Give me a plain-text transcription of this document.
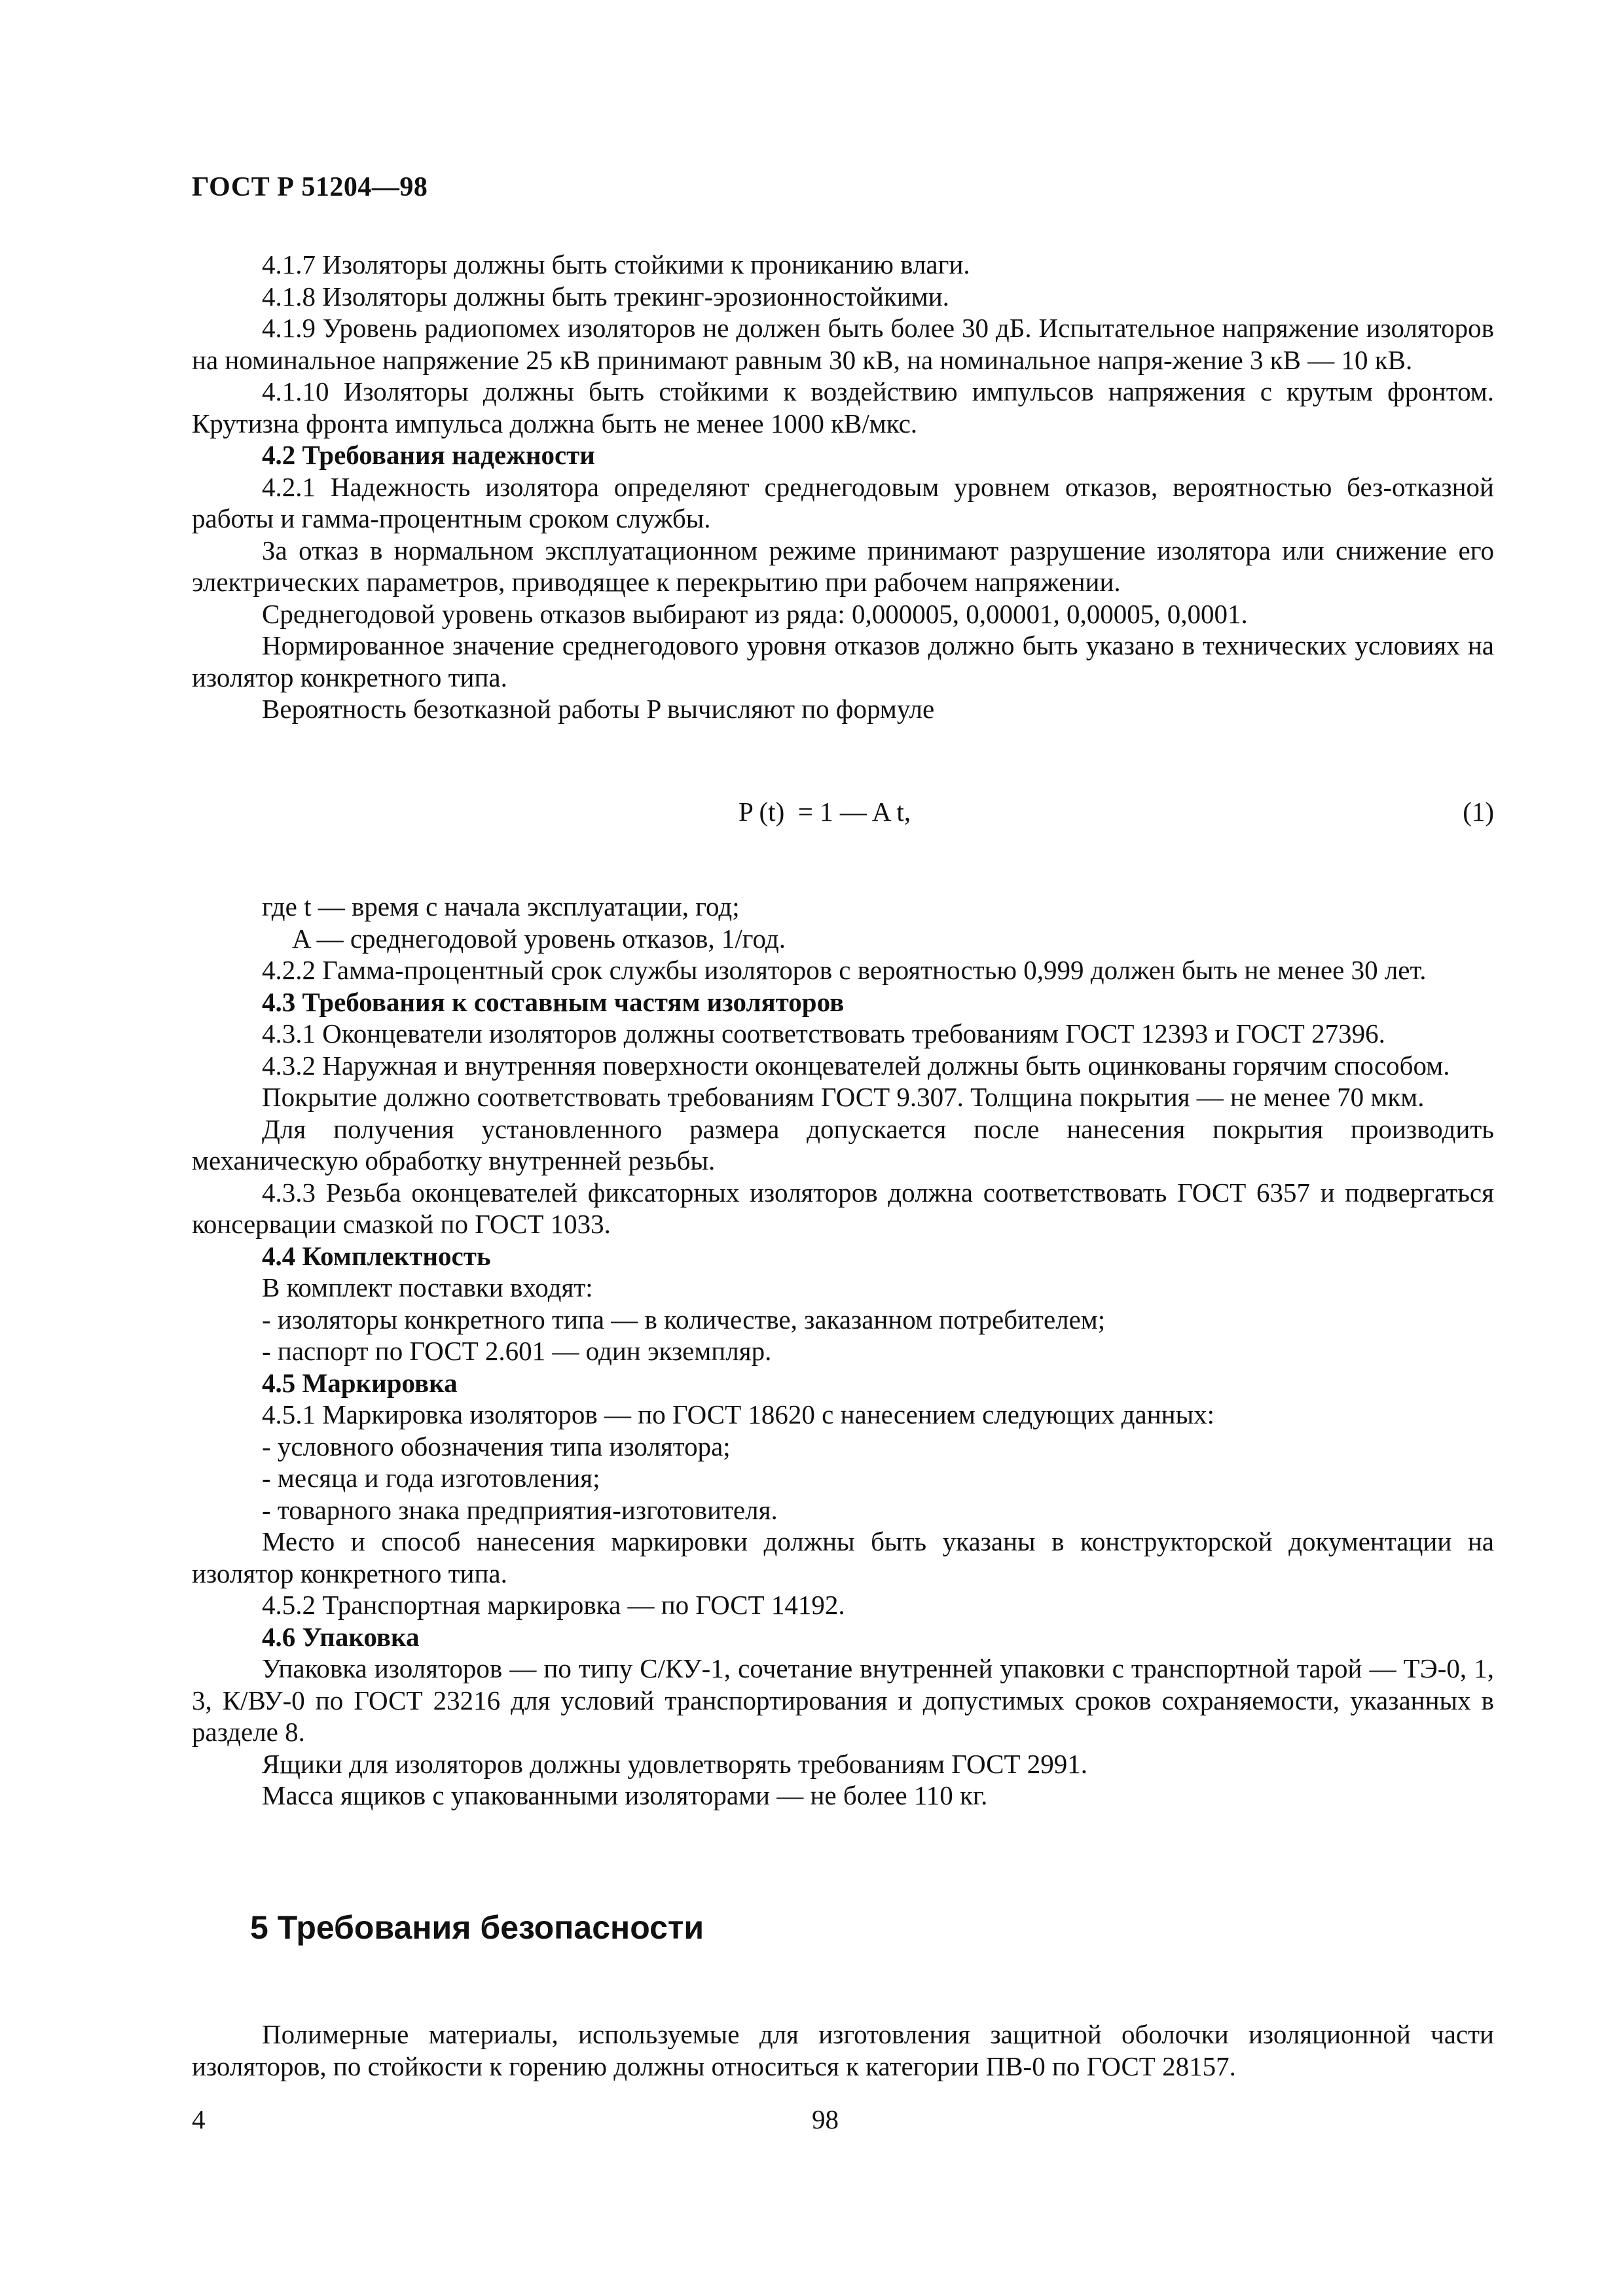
ГОСТ Р 51204—98

4.1.7 Изоляторы должны быть стойкими к прониканию влаги.

4.1.8 Изоляторы должны быть трекинг-эрозионностойкими.

4.1.9 Уровень радиопомех изоляторов не должен быть более 30 дБ. Испытательное напряжение изоляторов на номинальное напряжение 25 кВ принимают равным 30 кВ, на номинальное напря-жение 3 кВ — 10 кВ.

4.1.10 Изоляторы должны быть стойкими к воздействию импульсов напряжения с крутым фронтом. Крутизна фронта импульса должна быть не менее 1000 кВ/мкс.

4.2 Требования надежности

4.2.1 Надежность изолятора определяют среднегодовым уровнем отказов, вероятностью без-отказной работы и гамма-процентным сроком службы.

За отказ в нормальном эксплуатационном режиме принимают разрушение изолятора или снижение его электрических параметров, приводящее к перекрытию при рабочем напряжении.

Среднегодовой уровень отказов выбирают из ряда: 0,000005, 0,00001, 0,00005, 0,0001.

Нормированное значение среднегодового уровня отказов должно быть указано в технических условиях на изолятор конкретного типа.

Вероятность безотказной работы P вычисляют по формуле

P (t)  = 1 — A t,	(1)

где t — время с начала эксплуатации, год;

A — среднегодовой уровень отказов, 1/год.

4.2.2 Гамма-процентный срок службы изоляторов с вероятностью 0,999 должен быть не менее 30 лет.

4.3 Требования к составным частям изоляторов

4.3.1 Оконцеватели изоляторов должны соответствовать требованиям ГОСТ 12393 и ГОСТ 27396.

4.3.2 Наружная и внутренняя поверхности оконцевателей должны быть оцинкованы горячим способом.

Покрытие должно соответствовать требованиям ГОСТ 9.307. Толщина покрытия — не менее 70 мкм.

Для получения установленного размера допускается после нанесения покрытия производить механическую обработку внутренней резьбы.

4.3.3 Резьба оконцевателей фиксаторных изоляторов должна соответствовать ГОСТ 6357 и подвергаться консервации смазкой по ГОСТ 1033.

4.4 Комплектность

В комплект поставки входят:

- изоляторы конкретного типа — в количестве, заказанном потребителем;

- паспорт по ГОСТ 2.601 — один экземпляр.

4.5 Маркировка

4.5.1 Маркировка изоляторов — по ГОСТ 18620 с нанесением следующих данных:

- условного обозначения типа изолятора;

- месяца и года изготовления;

- товарного знака предприятия-изготовителя.

Место и способ нанесения маркировки должны быть указаны в конструкторской документации на изолятор конкретного типа.

4.5.2 Транспортная маркировка — по ГОСТ 14192.

4.6 Упаковка

Упаковка изоляторов — по типу С/КУ-1, сочетание внутренней упаковки с транспортной тарой — ТЭ-0, 1, 3, К/ВУ-0 по ГОСТ 23216 для условий транспортирования и допустимых сроков сохраняемости, указанных в разделе 8.

Ящики для изоляторов должны удовлетворять требованиям ГОСТ 2991.

Масса ящиков с упакованными изоляторами — не более 110 кг.

5 Требования безопасности

Полимерные материалы, используемые для изготовления защитной оболочки изоляционной части изоляторов, по стойкости к горению должны относиться к категории ПВ-0 по ГОСТ 28157.

4	98
